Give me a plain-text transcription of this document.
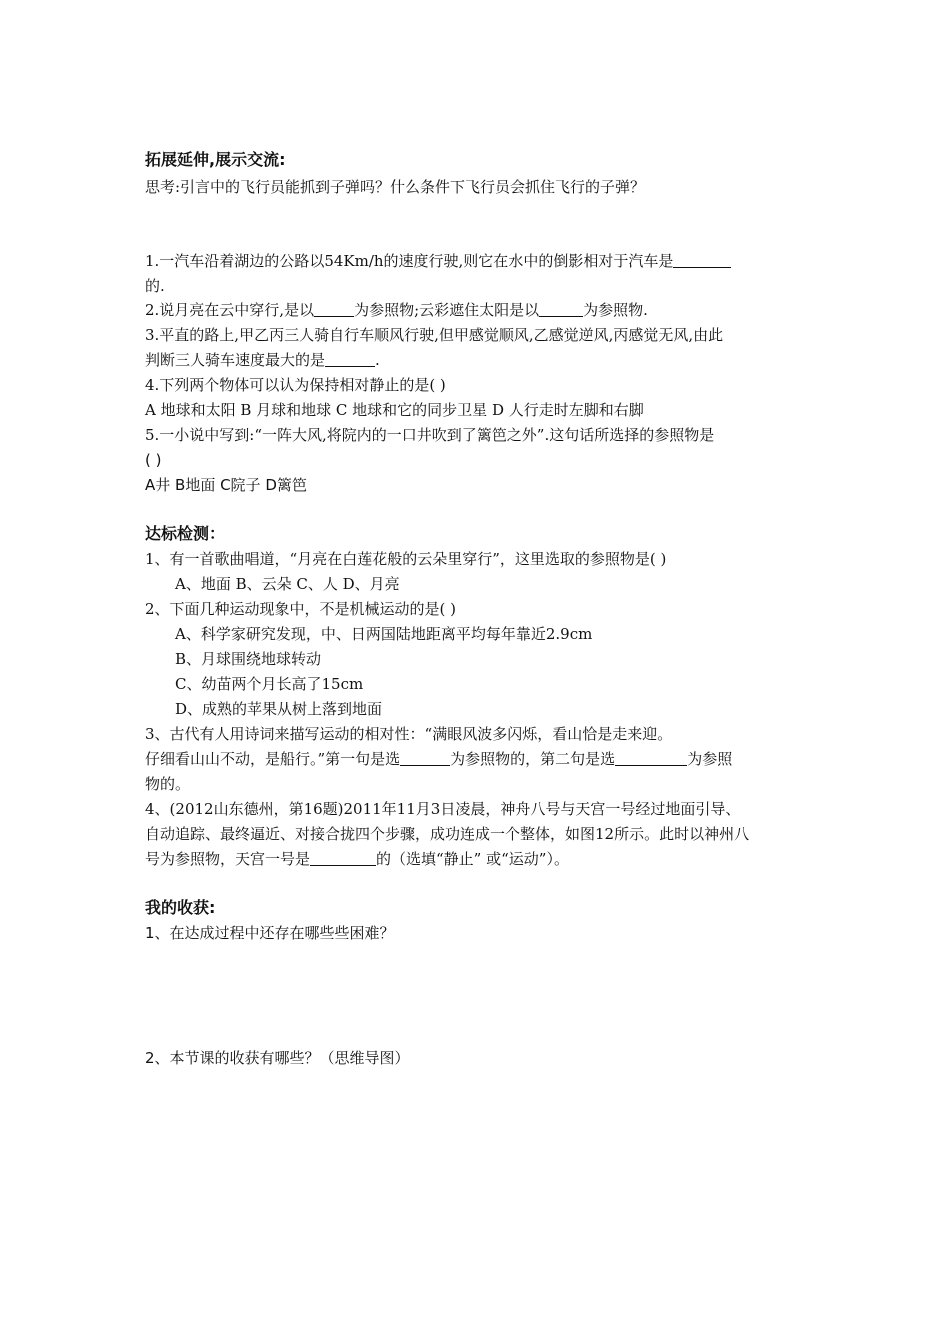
拓展延伸,展示交流:
思考:引言中的飞行员能抓到子弹吗？什么条件下飞行员会抓住飞行的子弹？
1.一汽车沿着湖边的公路以54Km/h的速度行驶,则它在水中的倒影相对于汽车是
的.
2.说月亮在云中穿行,是以	为参照物;云彩遮住太阳是以	为参照物.
3.平直的路上,甲乙丙三人骑自行车顺风行驶,但甲感觉顺风,乙感觉逆风,丙感觉无风,由此
判断三人骑车速度最大的是	.
4.下列两个物体可以认为保持相对静止的是( )
A 地球和太阳 B 月球和地球 C 地球和它的同步卫星 D 人行走时左脚和右脚
5.一小说中写到:“一阵大风,将院内的一口井吹到了篱笆之外”.这句话所选择的参照物是
( )
A井 B地面 C院子 D篱笆
达标检测：
1、有一首歌曲唱道，“月亮在白莲花般的云朵里穿行”，这里选取的参照物是( )
A、地面 B、云朵 C、人 D、月亮
2、下面几种运动现象中，不是机械运动的是( )
A、科学家研究发现，中、日两国陆地距离平均每年靠近2.9cm
B、月球围绕地球转动
C、幼苗两个月长高了15cm
D、成熟的苹果从树上落到地面
3、古代有人用诗词来描写运动的相对性：“满眼风波多闪烁，看山恰是走来迎。
仔细看山山不动，是船行。”第一句是选	为参照物的，第二句是选	为参照
物的。
4、(2012山东德州，第16题)2011年11月3日凌晨，神舟八号与天宫一号经过地面引导、
自动追踪、最终逼近、对接合拢四个步骤，成功连成一个整体，如图12所示。此时以神州八
号为参照物，天宫一号是	的（选填“静止” 或“运动”）。
我的收获:
1、在达成过程中还存在哪些些困难？
2、本节课的收获有哪些？（思维导图）
